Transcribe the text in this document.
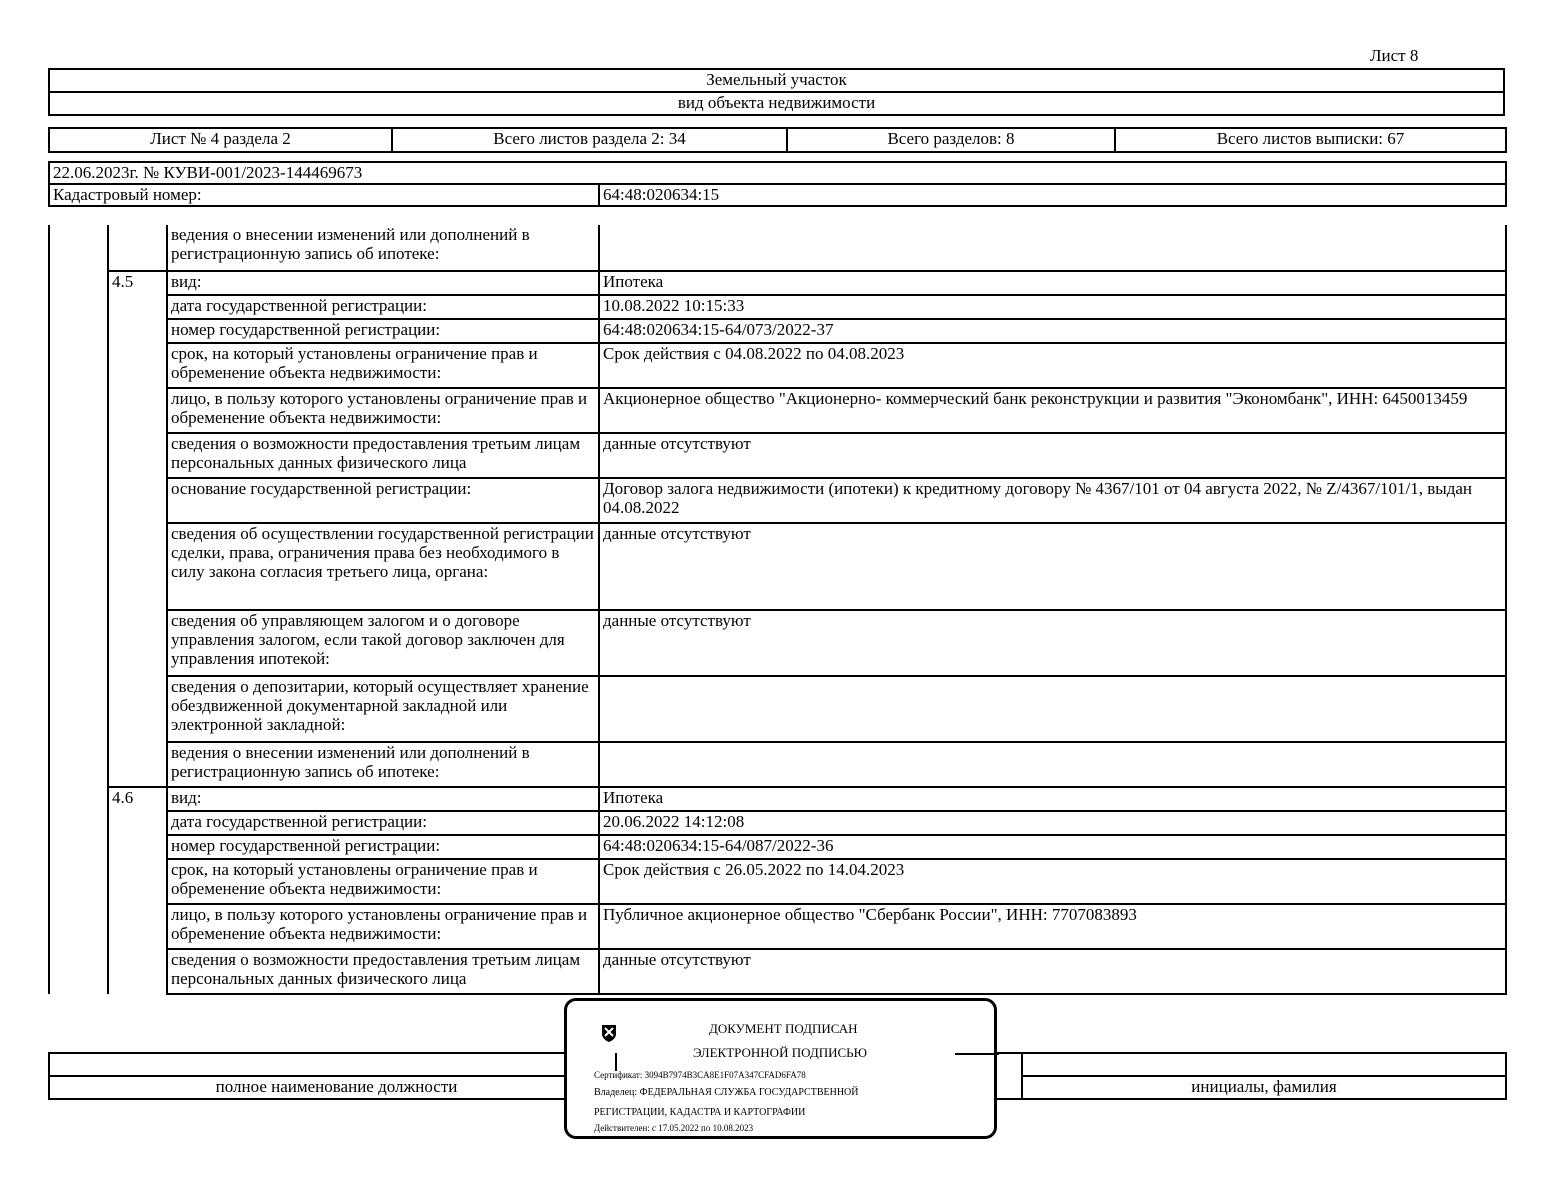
Лист 8
Земельный участок
вид объекта недвижимости
Лист № 4 раздела 2	Всего листов раздела 2: 34	Всего разделов: 8	Всего листов выписки: 67
22.06.2023г. № КУВИ-001/2023-144469673
Кадастровый номер:	64:48:020634:15
		ведения о внесении изменений или дополнений в регистрационную запись об ипотеке:	
	4.5	вид:	Ипотека
		дата государственной регистрации:	10.08.2022 10:15:33
		номер государственной регистрации:	64:48:020634:15-64/073/2022-37
		срок, на который установлены ограничение прав и обременение объекта недвижимости:	Срок действия с 04.08.2022 по 04.08.2023
		лицо, в пользу которого установлены ограничение прав и обременение объекта недвижимости:	Акционерное общество "Акционерно- коммерческий банк реконструкции и развития "Экономбанк", ИНН: 6450013459
		сведения о возможности предоставления третьим лицам персональных данных физического лица	данные отсутствуют
		основание государственной регистрации:	Договор залога недвижимости (ипотеки) к кредитному договору № 4367/101 от 04 августа 2022, № Z/4367/101/1, выдан 04.08.2022
		сведения об осуществлении государственной регистрации сделки, права, ограничения права без необходимого в силу закона согласия третьего лица, органа:	данные отсутствуют
		сведения об управляющем залогом и о договоре управления залогом, если такой договор заключен для управления ипотекой:	данные отсутствуют
		сведения о депозитарии, который осуществляет хранение обездвиженной документарной закладной или электронной закладной:	
		ведения о внесении изменений или дополнений в регистрационную запись об ипотеке:	
	4.6	вид:	Ипотека
		дата государственной регистрации:	20.06.2022 14:12:08
		номер государственной регистрации:	64:48:020634:15-64/087/2022-36
		срок, на который установлены ограничение прав и обременение объекта недвижимости:	Срок действия с 26.05.2022 по 14.04.2023
		лицо, в пользу которого установлены ограничение прав и обременение объекта недвижимости:	Публичное акционерное общество "Сбербанк России", ИНН: 7707083893
		сведения о возможности предоставления третьим лицам персональных данных физического лица	данные отсутствуют

полное наименование должности		инициалы, фамилия
ДОКУМЕНТ ПОДПИСАН
ЭЛЕКТРОННОЙ ПОДПИСЬЮ
Сертификат: 3094B7974B3CA8E1F07A347CFAD6FA78
Владелец: ФЕДЕРАЛЬНАЯ СЛУЖБА ГОСУДАРСТВЕННОЙ
РЕГИСТРАЦИИ, КАДАСТРА И КАРТОГРАФИИ
Действителен: с 17.05.2022 по 10.08.2023
